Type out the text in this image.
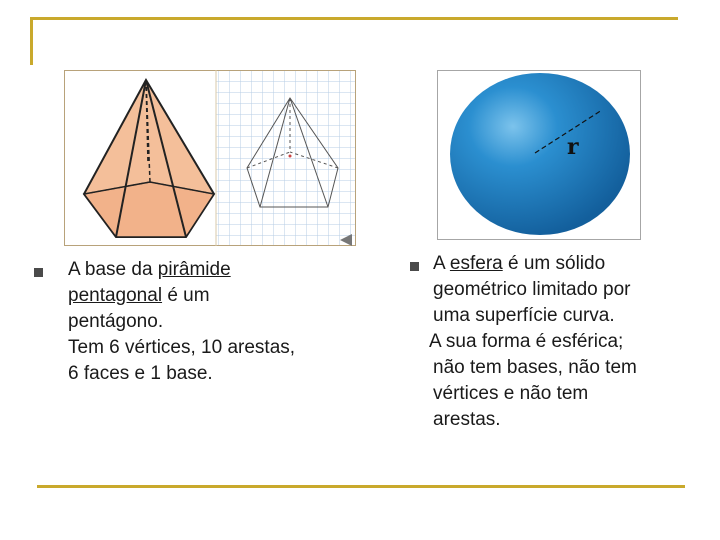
r
A base da pirâmide
pentagonal é um
pentágono.
Tem 6 vértices, 10 arestas,
6 faces e 1 base.
A esfera é um sólido
geométrico limitado por
uma superfície curva.
A sua forma é esférica;
não tem bases, não tem
vértices e não tem
arestas.
